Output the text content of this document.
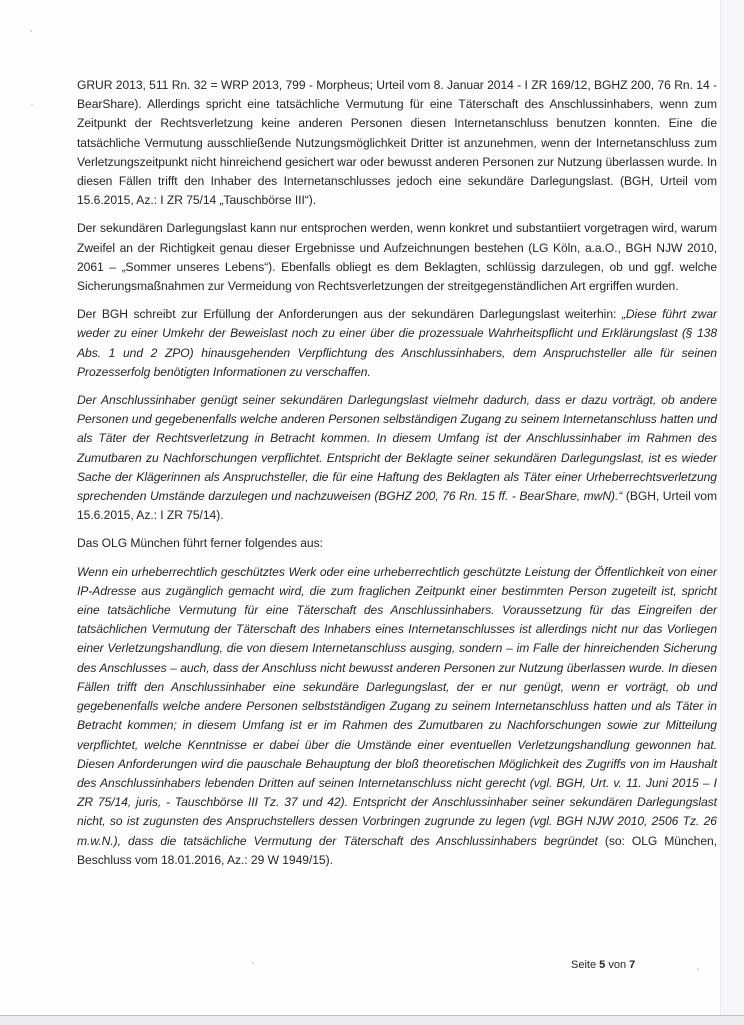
GRUR 2013, 511 Rn. 32 = WRP 2013, 799 - Morpheus; Urteil vom 8. Januar 2014 - I ZR 169/12, BGHZ 200, 76 Rn. 14 - BearShare). Allerdings spricht eine tatsächliche Vermutung für eine Täterschaft des Anschlussinhabers, wenn zum Zeitpunkt der Rechtsverletzung keine anderen Personen diesen Internetanschluss benutzen konnten. Eine die tatsächliche Vermutung ausschließende Nutzungsmöglichkeit Dritter ist anzunehmen, wenn der Internetanschluss zum Verletzungszeitpunkt nicht hinreichend gesichert war oder bewusst anderen Personen zur Nutzung überlassen wurde. In diesen Fällen trifft den Inhaber des Internetanschlusses jedoch eine sekundäre Darlegungslast. (BGH, Urteil vom 15.6.2015, Az.: I ZR 75/14 „Tauschbörse III“).

Der sekundären Darlegungslast kann nur entsprochen werden, wenn konkret und substantiiert vorgetragen wird, warum Zweifel an der Richtigkeit genau dieser Ergebnisse und Aufzeichnungen bestehen (LG Köln, a.a.O., BGH NJW 2010, 2061 – „Sommer unseres Lebens“). Ebenfalls obliegt es dem Beklagten, schlüssig darzulegen, ob und ggf. welche Sicherungsmaßnahmen zur Vermeidung von Rechtsverletzungen der streitgegenständlichen Art ergriffen wurden.

Der BGH schreibt zur Erfüllung der Anforderungen aus der sekundären Darlegungslast weiterhin: „Diese führt zwar weder zu einer Umkehr der Beweislast noch zu einer über die prozessuale Wahrheitspflicht und Erklärungslast (§ 138 Abs. 1 und 2 ZPO) hinausgehenden Verpflichtung des Anschlussinhabers, dem Anspruchsteller alle für seinen Prozesserfolg benötigten Informationen zu verschaffen.

Der Anschlussinhaber genügt seiner sekundären Darlegungslast vielmehr dadurch, dass er dazu vorträgt, ob andere Personen und gegebenenfalls welche anderen Personen selbständigen Zugang zu seinem Internetanschluss hatten und als Täter der Rechtsverletzung in Betracht kommen. In diesem Umfang ist der Anschlussinhaber im Rahmen des Zumutbaren zu Nachforschungen verpflichtet. Entspricht der Beklagte seiner sekundären Darlegungslast, ist es wieder Sache der Klägerinnen als Anspruchsteller, die für eine Haftung des Beklagten als Täter einer Urheberrechtsverletzung sprechenden Umstände darzulegen und nachzuweisen (BGHZ 200, 76 Rn. 15 ff. - BearShare, mwN).“ (BGH, Urteil vom 15.6.2015, Az.: I ZR 75/14).

Das OLG München führt ferner folgendes aus:

Wenn ein urheberrechtlich geschütztes Werk oder eine urheberrechtlich geschützte Leistung der Öffentlichkeit von einer IP-Adresse aus zugänglich gemacht wird, die zum fraglichen Zeitpunkt einer bestimmten Person zugeteilt ist, spricht eine tatsächliche Vermutung für eine Täterschaft des Anschlussinhabers. Voraussetzung für das Eingreifen der tatsächlichen Vermutung der Täterschaft des Inhabers eines Internetanschlusses ist allerdings nicht nur das Vorliegen einer Verletzungshandlung, die von diesem Internetanschluss ausging, sondern – im Falle der hinreichenden Sicherung des Anschlusses – auch, dass der Anschluss nicht bewusst anderen Personen zur Nutzung überlassen wurde. In diesen Fällen trifft den Anschlussinhaber eine sekundäre Darlegungslast, der er nur genügt, wenn er vorträgt, ob und gegebenenfalls welche andere Personen selbstständigen Zugang zu seinem Internetanschluss hatten und als Täter in Betracht kommen; in diesem Umfang ist er im Rahmen des Zumutbaren zu Nachforschungen sowie zur Mitteilung verpflichtet, welche Kenntnisse er dabei über die Umstände einer eventuellen Verletzungshandlung gewonnen hat. Diesen Anforderungen wird die pauschale Behauptung der bloß theoretischen Möglichkeit des Zugriffs von im Haushalt des Anschlussinhabers lebenden Dritten auf seinen Internetanschluss nicht gerecht (vgl. BGH, Urt. v. 11. Juni 2015 – I ZR 75/14, juris, - Tauschbörse III Tz. 37 und 42). Entspricht der Anschlussinhaber seiner sekundären Darlegungslast nicht, so ist zugunsten des Anspruchstellers dessen Vorbringen zugrunde zu legen (vgl. BGH NJW 2010, 2506 Tz. 26 m.w.N.), dass die tatsächliche Vermutung der Täterschaft des Anschlussinhabers begründet (so: OLG München, Beschluss vom 18.01.2016, Az.: 29 W 1949/15).

Seite 5 von 7
